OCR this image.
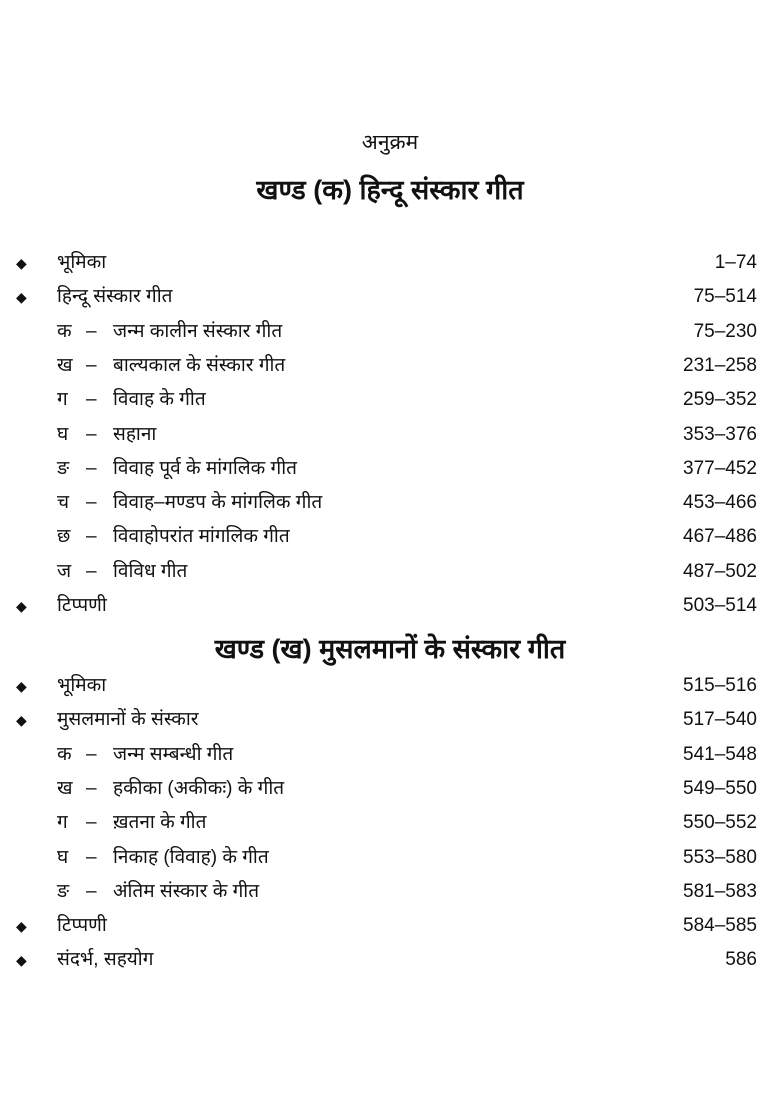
अनुक्रम
खण्ड (क) हिन्दू संस्कार गीत
◆ भूमिका	1–74
◆ हिन्दू संस्कार गीत	75–514
क – जन्म कालीन संस्कार गीत	75–230
ख – बाल्यकाल के संस्कार गीत	231–258
ग – विवाह के गीत	259–352
घ – सहाना	353–376
ङ – विवाह पूर्व के मांगलिक गीत	377–452
च – विवाह–मण्डप के मांगलिक गीत	453–466
छ – विवाहोपरांत मांगलिक गीत	467–486
ज – विविध गीत	487–502
◆ टिप्पणी	503–514
खण्ड (ख) मुसलमानों के संस्कार गीत
◆ भूमिका	515–516
◆ मुसलमानों के संस्कार	517–540
क – जन्म सम्बन्धी गीत	541–548
ख – हकीका (अकीकः) के गीत	549–550
ग – ख़तना के गीत	550–552
घ – निकाह (विवाह) के गीत	553–580
ङ – अंतिम संस्कार के गीत	581–583
◆ टिप्पणी	584–585
◆ संदर्भ, सहयोग	586
